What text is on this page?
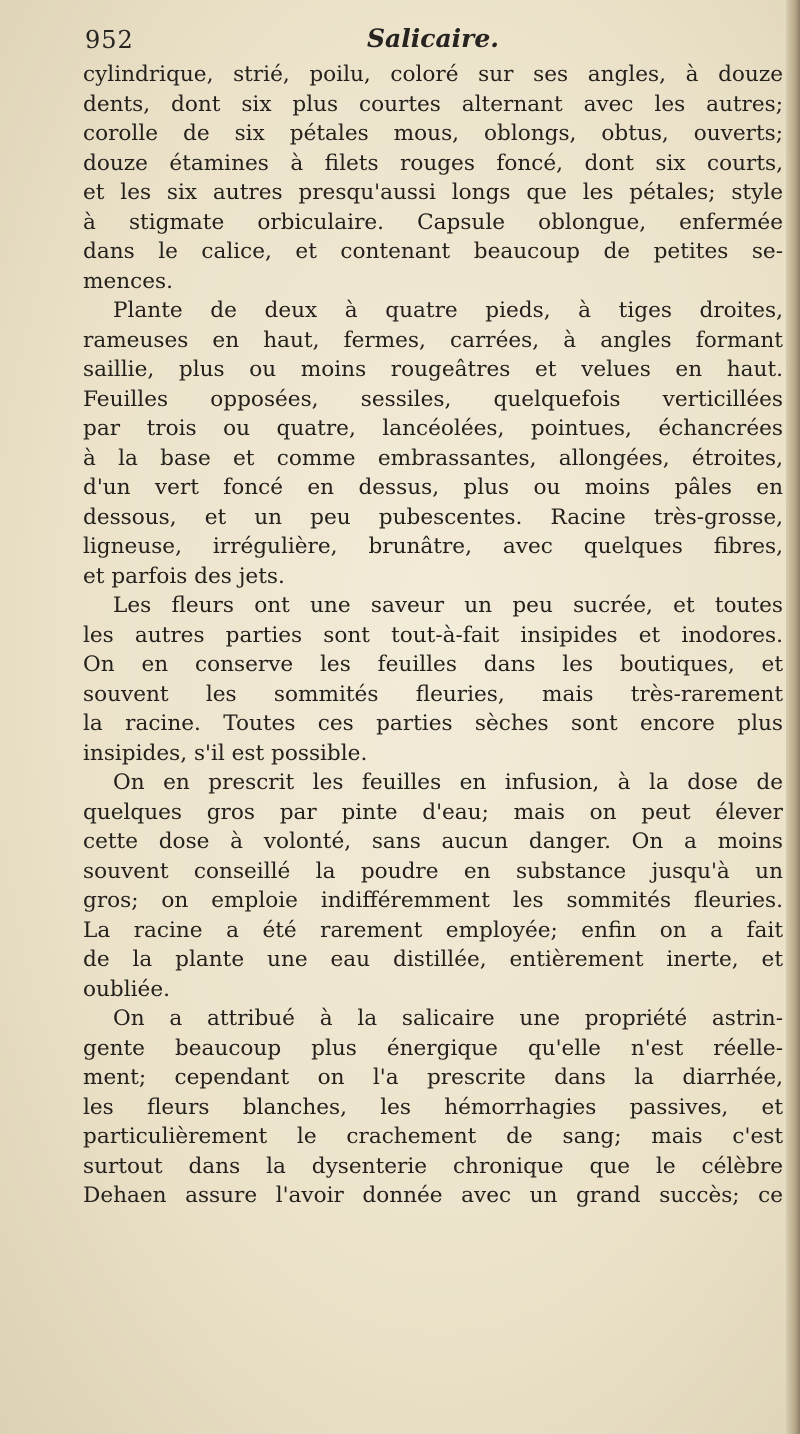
952	Salicaire.
cylindrique, strié, poilu, coloré sur ses angles, à douze
dents, dont six plus courtes alternant avec les autres;
corolle de six pétales mous, oblongs, obtus, ouverts;
douze étamines à filets rouges foncé, dont six courts,
et les six autres presqu'aussi longs que les pétales; style
à stigmate orbiculaire. Capsule oblongue, enfermée
dans le calice, et contenant beaucoup de petites se-
mences.
Plante de deux à quatre pieds, à tiges droites,
rameuses en haut, fermes, carrées, à angles formant
saillie, plus ou moins rougeâtres et velues en haut.
Feuilles opposées, sessiles, quelquefois verticillées
par trois ou quatre, lancéolées, pointues, échancrées
à la base et comme embrassantes, allongées, étroites,
d'un vert foncé en dessus, plus ou moins pâles en
dessous, et un peu pubescentes. Racine très-grosse,
ligneuse, irrégulière, brunâtre, avec quelques fibres,
et parfois des jets.
Les fleurs ont une saveur un peu sucrée, et toutes
les autres parties sont tout-à-fait insipides et inodores.
On en conserve les feuilles dans les boutiques, et
souvent les sommités fleuries, mais très-rarement
la racine. Toutes ces parties sèches sont encore plus
insipides, s'il est possible.
On en prescrit les feuilles en infusion, à la dose de
quelques gros par pinte d'eau; mais on peut élever
cette dose à volonté, sans aucun danger. On a moins
souvent conseillé la poudre en substance jusqu'à un
gros; on emploie indifféremment les sommités fleuries.
La racine a été rarement employée; enfin on a fait
de la plante une eau distillée, entièrement inerte, et
oubliée.
On a attribué à la salicaire une propriété astrin-
gente beaucoup plus énergique qu'elle n'est réelle-
ment; cependant on l'a prescrite dans la diarrhée,
les fleurs blanches, les hémorrhagies passives, et
particulièrement le crachement de sang; mais c'est
surtout dans la dysenterie chronique que le célèbre
Dehaen assure l'avoir donnée avec un grand succès; ce
